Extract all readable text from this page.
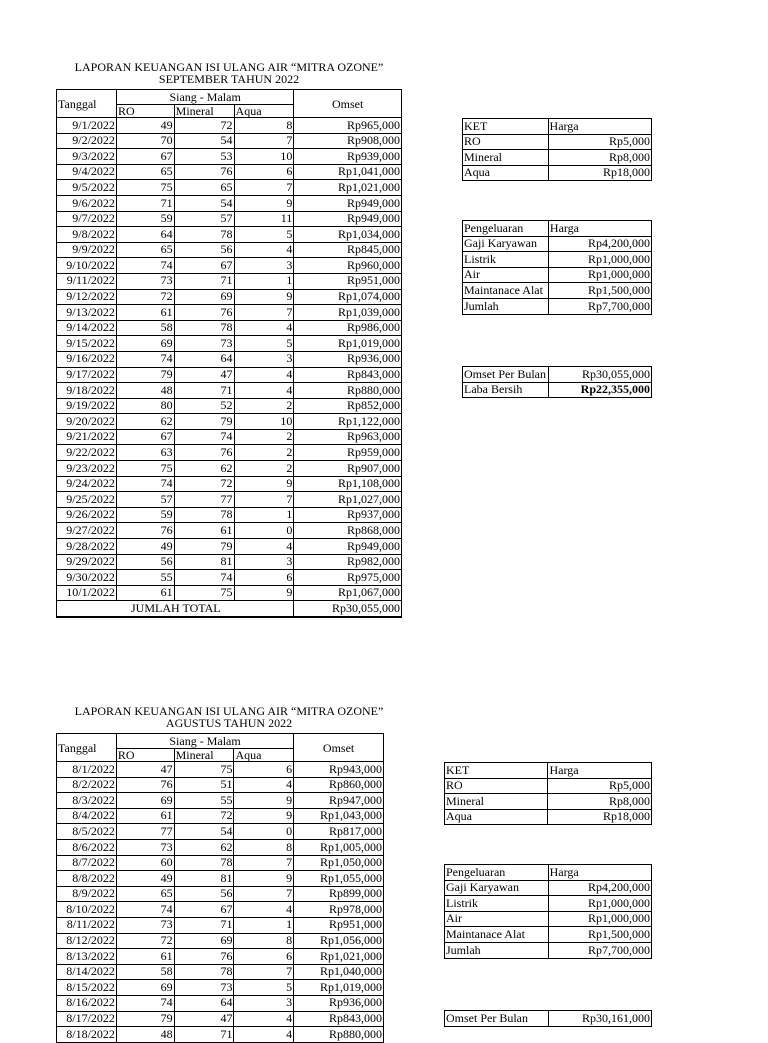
LAPORAN KEUANGAN ISI ULANG AIR “MITRA OZONE”
SEPTEMBER TAHUN 2022
Tanggal	Siang - Malam			Omset
	RO	Mineral	Aqua	
9/1/2022	49	72	8	Rp965,000
9/2/2022	70	54	7	Rp908,000
9/3/2022	67	53	10	Rp939,000
9/4/2022	65	76	6	Rp1,041,000
9/5/2022	75	65	7	Rp1,021,000
9/6/2022	71	54	9	Rp949,000
9/7/2022	59	57	11	Rp949,000
9/8/2022	64	78	5	Rp1,034,000
9/9/2022	65	56	4	Rp845,000
9/10/2022	74	67	3	Rp960,000
9/11/2022	73	71	1	Rp951,000
9/12/2022	72	69	9	Rp1,074,000
9/13/2022	61	76	7	Rp1,039,000
9/14/2022	58	78	4	Rp986,000
9/15/2022	69	73	5	Rp1,019,000
9/16/2022	74	64	3	Rp936,000
9/17/2022	79	47	4	Rp843,000
9/18/2022	48	71	4	Rp880,000
9/19/2022	80	52	2	Rp852,000
9/20/2022	62	79	10	Rp1,122,000
9/21/2022	67	74	2	Rp963,000
9/22/2022	63	76	2	Rp959,000
9/23/2022	75	62	2	Rp907,000
9/24/2022	74	72	9	Rp1,108,000
9/25/2022	57	77	7	Rp1,027,000
9/26/2022	59	78	1	Rp937,000
9/27/2022	76	61	0	Rp868,000
9/28/2022	49	79	4	Rp949,000
9/29/2022	56	81	3	Rp982,000
9/30/2022	55	74	6	Rp975,000
10/1/2022	61	75	9	Rp1,067,000
JUMLAH TOTAL				Rp30,055,000
KET	Harga
RO	Rp5,000
Mineral	Rp8,000
Aqua	Rp18,000
Pengeluaran	Harga
Gaji Karyawan	Rp4,200,000
Listrik	Rp1,000,000
Air	Rp1,000,000
Maintanace Alat	Rp1,500,000
Jumlah	Rp7,700,000
Omset Per Bulan	Rp30,055,000
Laba Bersih	Rp22,355,000
LAPORAN KEUANGAN ISI ULANG AIR “MITRA OZONE”
AGUSTUS TAHUN 2022
Tanggal	Siang - Malam			Omset
	RO	Mineral	Aqua	
8/1/2022	47	75	6	Rp943,000
8/2/2022	76	51	4	Rp860,000
8/3/2022	69	55	9	Rp947,000
8/4/2022	61	72	9	Rp1,043,000
8/5/2022	77	54	0	Rp817,000
8/6/2022	73	62	8	Rp1,005,000
8/7/2022	60	78	7	Rp1,050,000
8/8/2022	49	81	9	Rp1,055,000
8/9/2022	65	56	7	Rp899,000
8/10/2022	74	67	4	Rp978,000
8/11/2022	73	71	1	Rp951,000
8/12/2022	72	69	8	Rp1,056,000
8/13/2022	61	76	6	Rp1,021,000
8/14/2022	58	78	7	Rp1,040,000
8/15/2022	69	73	5	Rp1,019,000
8/16/2022	74	64	3	Rp936,000
8/17/2022	79	47	4	Rp843,000
8/18/2022	48	71	4	Rp880,000
KET	Harga
RO	Rp5,000
Mineral	Rp8,000
Aqua	Rp18,000
Pengeluaran	Harga
Gaji Karyawan	Rp4,200,000
Listrik	Rp1,000,000
Air	Rp1,000,000
Maintanace Alat	Rp1,500,000
Jumlah	Rp7,700,000
Omset Per Bulan	Rp30,161,000
